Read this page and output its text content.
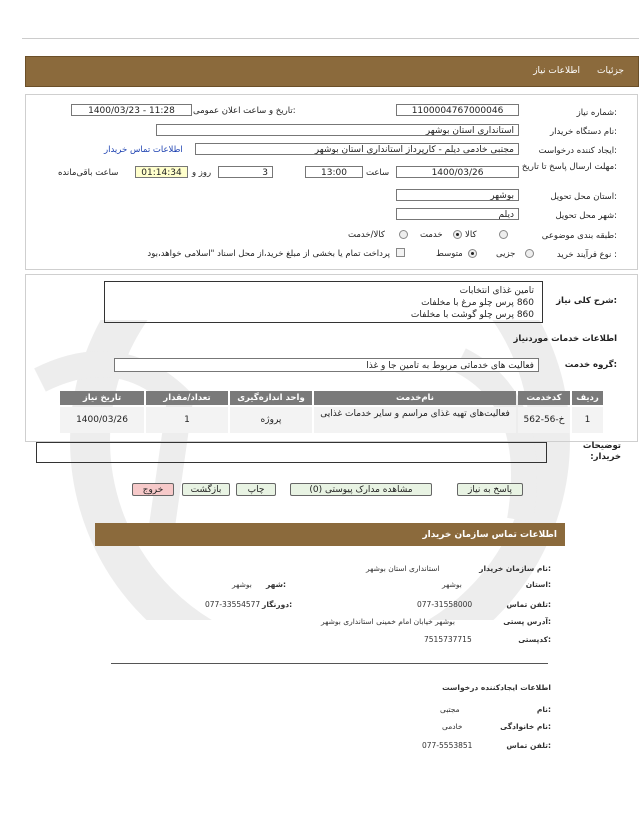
جزئیات
اطلاعات نیاز
شماره نیاز:
1100004767000046
تاریخ و ساعت اعلان عمومی:
1400/03/23 - 11:28
نام دستگاه خریدار:
استانداری استان بوشهر
ایجاد کننده درخواست:
مجتبی خادمی دیلم - کارپرداز استانداری استان بوشهر
اطلاعات تماس خریدار
مهلت ارسال پاسخ تا تاریخ:
1400/03/26
ساعت
13:00
3
روز و
01:14:34
ساعت باقی‌مانده
استان محل تحویل:
بوشهر
شهر محل تحویل:
دیلم
طبقه بندی موضوعی:
کالا
خدمت
کالا/خدمت
نوع فرآیند خرید :
جزیی
متوسط
پرداخت تمام یا بخشی از مبلغ خرید،از محل اسناد "اسلامی خواهد،بود
شرح کلی نیاز:
تامین غذای انتخابات
860 پرس چلو مرغ با مخلفات
860 پرس چلو گوشت با مخلفات
اطلاعات خدمات موردنیاز
گروه خدمت:
فعالیت های خدماتی مربوط به تامین جا و غذا
ردیف
کدخدمت
نام‌خدمت
واحد اندازه‌گیری
تعداد/مقدار
تاریخ نیاز
1
خ-56-562
فعالیت‌های تهیه غذای مراسم و سایر خدمات غذایی
پروژه
1
1400/03/26
توضیحات خریدار:
پاسخ به نیاز
مشاهده مدارک پیوستی (0)
چاپ
بازگشت
خروج
اطلاعات تماس سازمان خریدار
نام سازمان خریدار:
استانداری استان بوشهر
استان:
بوشهر
شهر:
بوشهر
تلفن تماس:
077-31558000
دورنگار:
077-33554577
آدرس پستی:
بوشهر خیابان امام خمینی استانداری بوشهر
کدپستی:
7515737715
اطلاعات ایجادکننده درخواست
نام:
مجتبی
نام خانوادگی:
خادمی
تلفن تماس:
077-5553851
